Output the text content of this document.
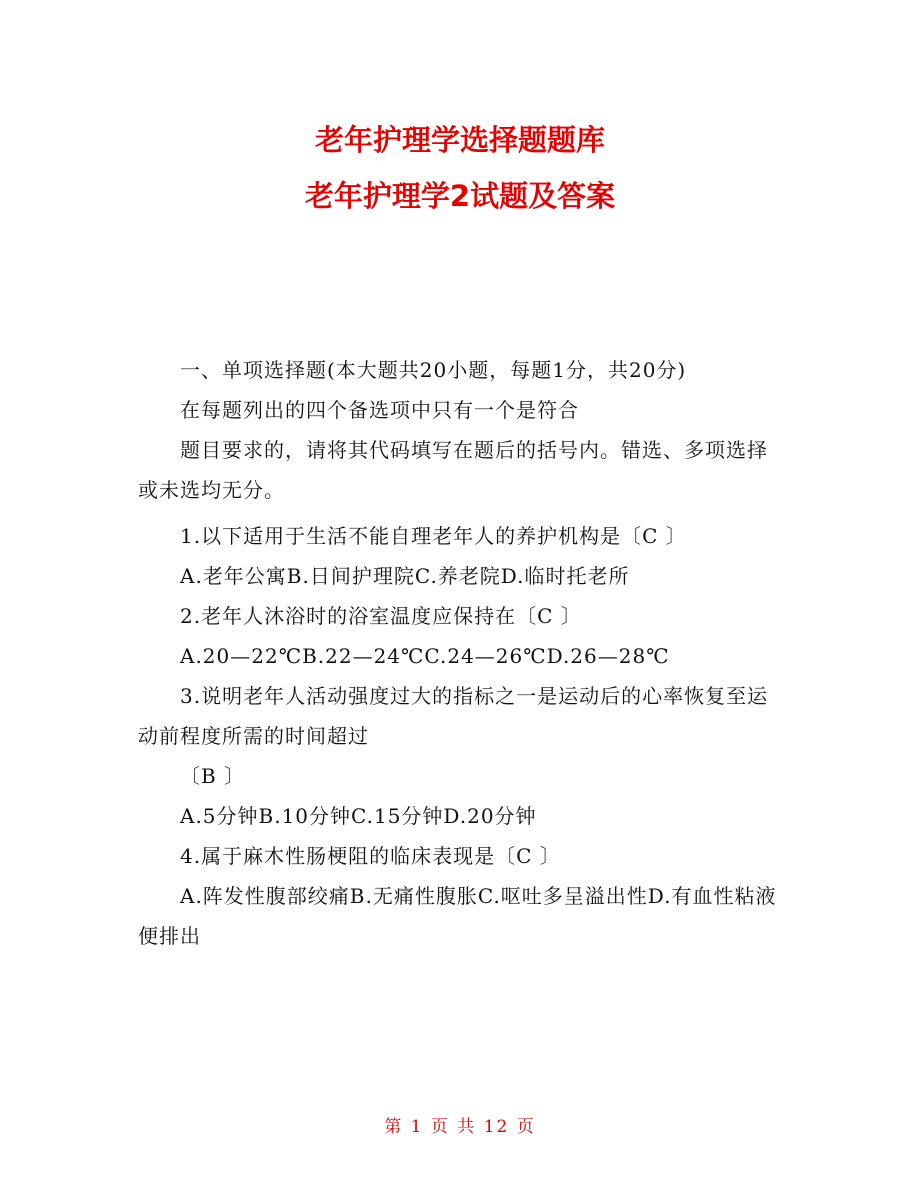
老年护理学选择题题库
老年护理学2试题及答案

一、单项选择题(本大题共20小题，每题1分，共20分)

在每题列出的四个备选项中只有一个是符合

题目要求的，请将其代码填写在题后的括号内。错选、多项选择或未选均无分。

1.以下适用于生活不能自理老年人的养护机构是〔C 〕

A.老年公寓B.日间护理院C.养老院D.临时托老所

2.老年人沐浴时的浴室温度应保持在〔C 〕

A.20—22℃B.22—24℃C.24—26℃D.26—28℃

3.说明老年人活动强度过大的指标之一是运动后的心率恢复至运动前程度所需的时间超过

〔B 〕

A.5分钟B.10分钟C.15分钟D.20分钟

4.属于麻木性肠梗阻的临床表现是〔C 〕

A.阵发性腹部绞痛B.无痛性腹胀C.呕吐多呈溢出性D.有血性粘液便排出

第 1 页 共 12 页
